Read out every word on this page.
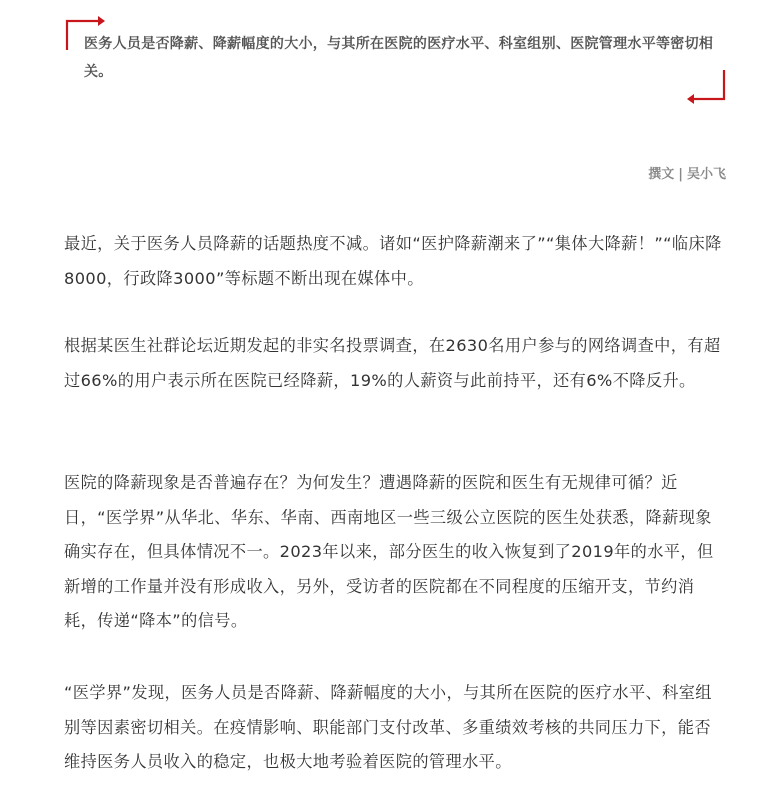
医务人员是否降薪、降薪幅度的大小，与其所在医院的医疗水平、科室组别、医院管理水平等密切相关。
撰文 | 吴小飞

最近，关于医务人员降薪的话题热度不减。诸如“医护降薪潮来了”“集体大降薪！”“临床降8000，行政降3000”等标题不断出现在媒体中。

根据某医生社群论坛近期发起的非实名投票调查，在2630名用户参与的网络调查中，有超过66%的用户表示所在医院已经降薪，19%的人薪资与此前持平，还有6%不降反升。

医院的降薪现象是否普遍存在？为何发生？遭遇降薪的医院和医生有无规律可循？近日，“医学界”从华北、华东、华南、西南地区一些三级公立医院的医生处获悉，降薪现象确实存在，但具体情况不一。2023年以来，部分医生的收入恢复到了2019年的水平，但新增的工作量并没有形成收入，另外，受访者的医院都在不同程度的压缩开支，节约消耗，传递“降本”的信号。

“医学界”发现，医务人员是否降薪、降薪幅度的大小，与其所在医院的医疗水平、科室组别等因素密切相关。在疫情影响、职能部门支付改革、多重绩效考核的共同压力下，能否维持医务人员收入的稳定，也极大地考验着医院的管理水平。
